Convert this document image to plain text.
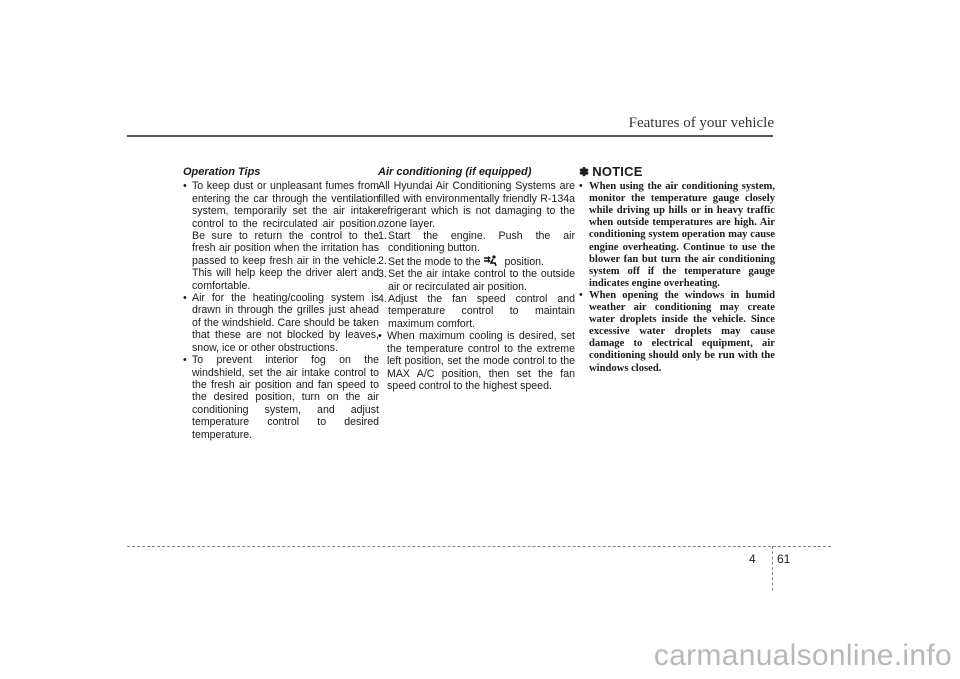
Features of your vehicle
Operation Tips
• To keep dust or unpleasant fumes from entering the car through the ventilation system, temporarily set the air intake control to the recirculated air position. Be sure to return the control to the fresh air position when the irritation has passed to keep fresh air in the vehicle. This will help keep the driver alert and comfortable.
• Air for the heating/cooling system is drawn in through the grilles just ahead of the windshield. Care should be taken that these are not blocked by leaves, snow, ice or other obstructions.
• To prevent interior fog on the windshield, set the air intake control to the fresh air position and fan speed to the desired position, turn on the air conditioning system, and adjust temperature control to desired temperature.
Air conditioning (if equipped)

All Hyundai Air Conditioning Systems are filled with environmentally friendly R-134a refrigerant which is not damaging to the ozone layer.

1. Start the engine. Push the air conditioning button.
2. Set the mode to the position.
3. Set the air intake control to the outside air or recirculated air position.
4. Adjust the fan speed control and temperature control to maintain maximum comfort.
• When maximum cooling is desired, set the temperature control to the extreme left position, set the mode control to the MAX A/C position, then set the fan speed control to the highest speed.
✽ NOTICE
• When using the air conditioning system, monitor the temperature gauge closely while driving up hills or in heavy traffic when outside temperatures are high. Air conditioning system operation may cause engine overheating. Continue to use the blower fan but turn the air conditioning system off if the temperature gauge indicates engine overheating.
• When opening the windows in humid weather air conditioning may create water droplets inside the vehicle. Since excessive water droplets may cause damage to electrical equipment, air conditioning should only be run with the windows closed.
4 61
carmanualsonline.info
